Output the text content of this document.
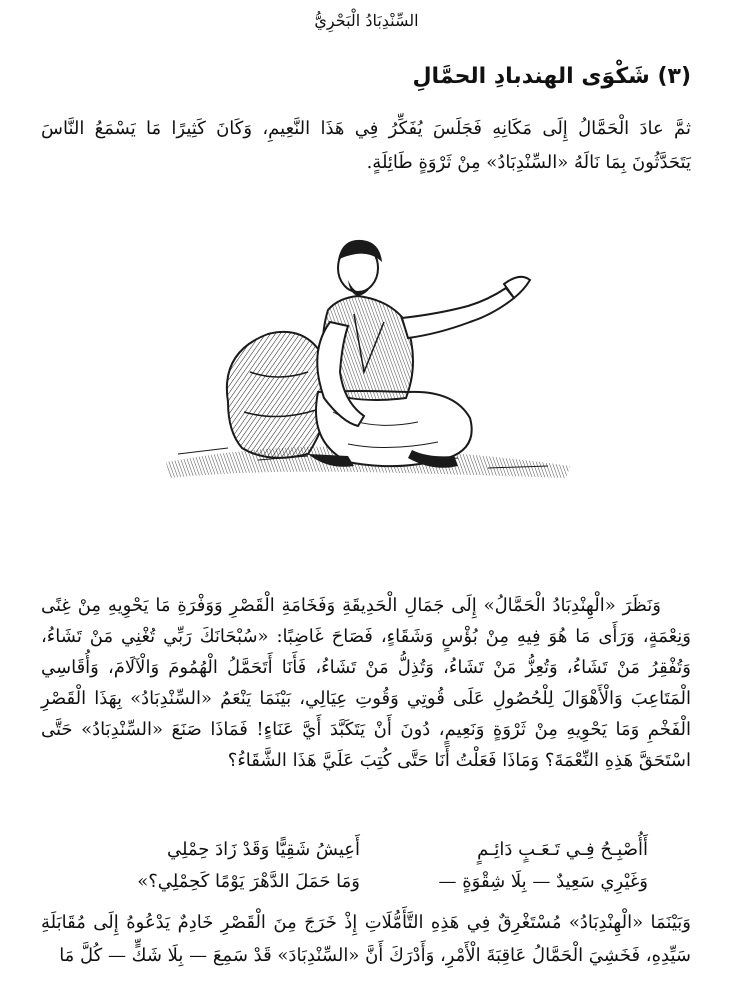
السِّنْدِبَادُ الْبَحْرِيُّ
(٣) شَكْوَى الهندبادِ الحمَّالِ

ثمَّ عادَ الْحَمَّالُ إِلَى مَكَانِهِ فَجَلَسَ يُفَكِّرُ فِي هَذَا النَّعِيمِ، وَكَانَ كَثِيرًا مَا يَسْمَعُ النَّاسَ يَتَحَدَّثُونَ بِمَا نَالَهُ «السِّنْدِبَادُ» مِنْ ثَرْوَةٍ طَائِلَةٍ.

وَنَظَرَ «الْهِنْدِبَادُ الْحَمَّالُ» إِلَى جَمَالِ الْحَدِيقَةِ وَفَخَامَةِ الْقَصْرِ وَوَفْرَةِ مَا يَحْوِيهِ مِنْ غِنًى وَنِعْمَةٍ، وَرَأَى مَا هُوَ فِيهِ مِنْ بُؤْسٍ وَشَقَاءٍ، فَصَاحَ غَاضِبًا: «سُبْحَانَكَ رَبِّي تُغْنِي مَنْ تَشَاءُ، وَتُفْقِرُ مَنْ تَشَاءُ، وَتُعِزُّ مَنْ تَشَاءُ، وَتُذِلُّ مَنْ تَشَاءُ، فَأَنَا أَتَحَمَّلُ الْهُمُومَ وَالْآلَامَ، وَأُقَاسِي الْمَتَاعِبَ وَالْأَهْوَالَ لِلْحُصُولِ عَلَى قُوتِي وَقُوتِ عِيَالِي، بَيْنَمَا يَنْعَمُ «السِّنْدِبَادُ» بِهَذَا الْقَصْرِ الْفَخْمِ وَمَا يَحْوِيهِ مِنْ ثَرْوَةٍ وَنَعِيمٍ، دُونَ أَنْ يَتَكَبَّدَ أَيَّ عَنَاءٍ! فَمَاذَا صَنَعَ «السِّنْدِبَادُ» حَتَّى اسْتَحَقَّ هَذِهِ النِّعْمَةَ؟ وَمَاذَا فَعَلْتُ أَنَا حَتَّى كُتِبَ عَلَيَّ هَذَا الشَّقَاءُ؟

أَأُصْبِـحُ فِـي تَـعَـبٍ دَائِـمٍ
أَعِيشُ شَقِيًّا وَقَدْ زَادَ حِمْلِي
وَغَيْرِي سَعِيدٌ — بِلَا شِقْوَةٍ —
وَمَا حَمَلَ الدَّهْرَ يَوْمًا كَحِمْلِي؟»

وَبَيْنَمَا «الْهِنْدِبَادُ» مُسْتَغْرِقٌ فِي هَذِهِ التَّأَمُّلَاتِ إِذْ خَرَجَ مِنَ الْقَصْرِ خَادِمٌ يَدْعُوهُ إِلَى مُقَابَلَةِ سَيِّدِهِ، فَخَشِيَ الْحَمَّالُ عَاقِبَةَ الْأَمْرِ، وَأَدْرَكَ أَنَّ «السِّنْدِبَادَ» قَدْ سَمِعَ — بِلَا شَكٍّ — كُلَّ مَا
